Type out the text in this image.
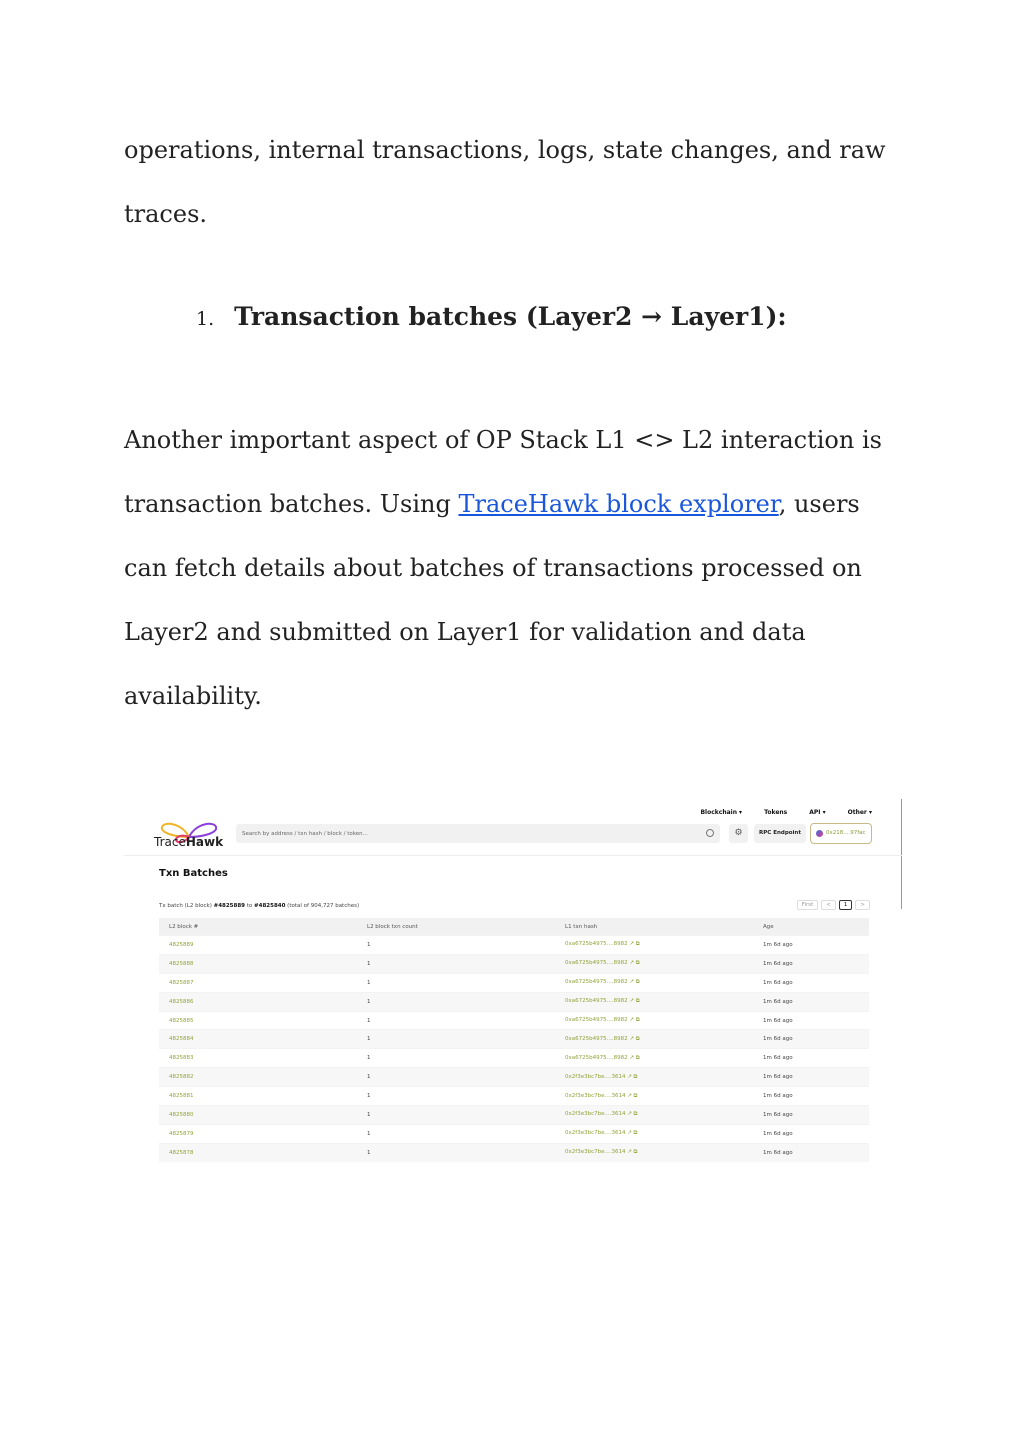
operations, internal transactions, logs, state changes, and raw traces.

1. Transaction batches (Layer2 → Layer1):

Another important aspect of OP Stack L1 <> L2 interaction is transaction batches. Using TraceHawk block explorer, users can fetch details about batches of transactions processed on Layer2 and submitted on Layer1 for validation and data availability.

TraceHawk
Blockchain ▾	Tokens	API ▾	Other ▾
Search by address / txn hash / block / token...	⚙	RPC Endpoint	0x218....97fac
Txn Batches
Tx batch (L2 block) #4825889 to #4825840 (total of 904,727 batches)	First	<	1	>
L2 block #	L2 block txn count	L1 txn hash	Age
4825889	1	0xa6725b4975....8982 ↗ ⧉	1m 6d ago
4825888	1	0xa6725b4975....8982 ↗ ⧉	1m 6d ago
4825887	1	0xa6725b4975....8982 ↗ ⧉	1m 6d ago
4825886	1	0xa6725b4975....8982 ↗ ⧉	1m 6d ago
4825885	1	0xa6725b4975....8982 ↗ ⧉	1m 6d ago
4825884	1	0xa6725b4975....8982 ↗ ⧉	1m 6d ago
4825883	1	0xa6725b4975....8982 ↗ ⧉	1m 6d ago
4825882	1	0x2f3e3bc7be....3614 ↗ ⧉	1m 6d ago
4825881	1	0x2f3e3bc7be....3614 ↗ ⧉	1m 6d ago
4825880	1	0x2f3e3bc7be....3614 ↗ ⧉	1m 6d ago
4825879	1	0x2f3e3bc7be....3614 ↗ ⧉	1m 6d ago
4825878	1	0x2f3e3bc7be....3614 ↗ ⧉	1m 6d ago
